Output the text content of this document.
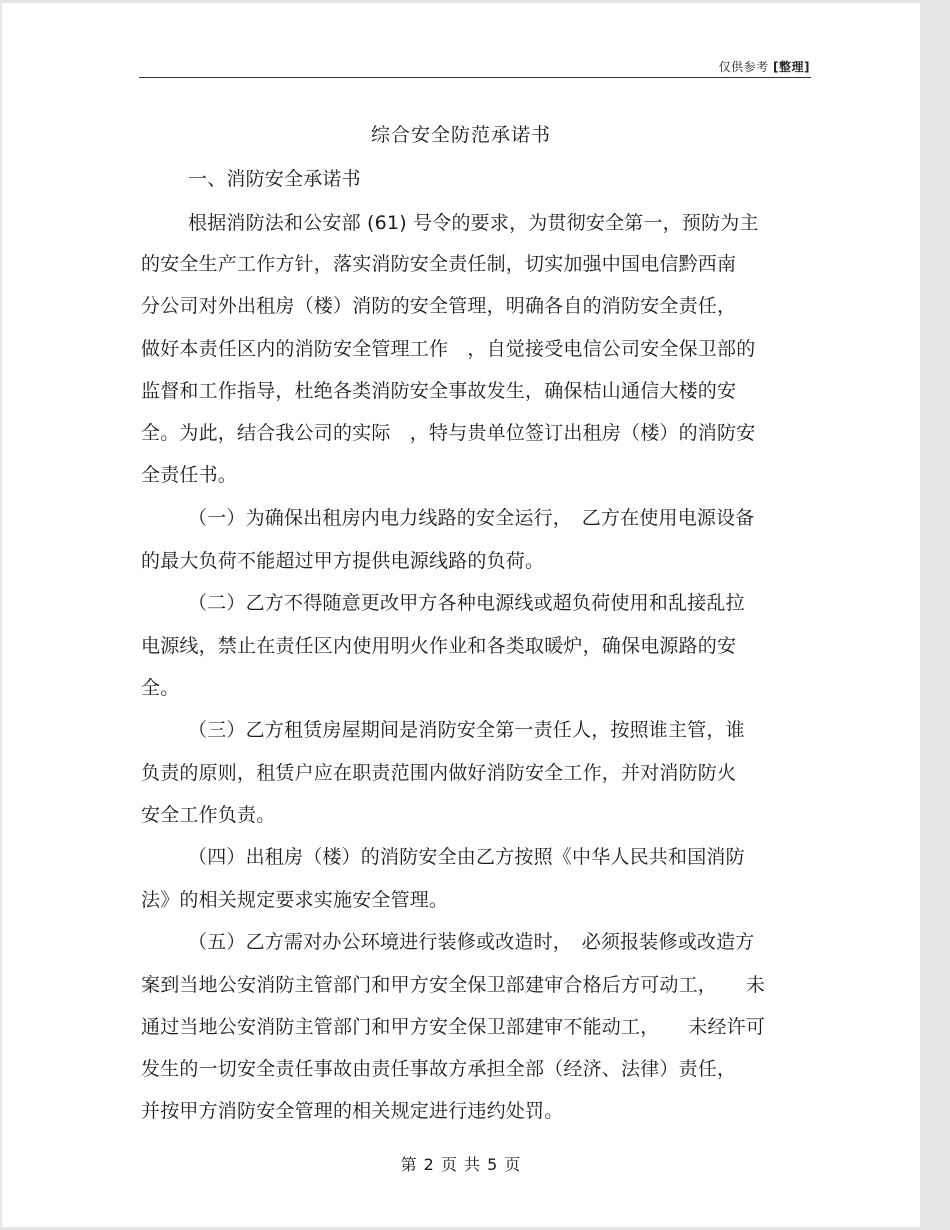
仅供参考 [整理]
综合安全防范承诺书
一、消防安全承诺书
根据消防法和公安部 (61) 号令的要求，为贯彻安全第一，预防为主
的安全生产工作方针，落实消防安全责任制，切实加强中国电信黔西南
分公司对外出租房（楼）消防的安全管理，明确各自的消防安全责任，
做好本责任区内的消防安全管理工作　，自觉接受电信公司安全保卫部的
监督和工作指导，杜绝各类消防安全事故发生，确保桔山通信大楼的安
全。为此，结合我公司的实际　，特与贵单位签订出租房（楼）的消防安
全责任书。
（一）为确保出租房内电力线路的安全运行，　乙方在使用电源设备
的最大负荷不能超过甲方提供电源线路的负荷。
（二）乙方不得随意更改甲方各种电源线或超负荷使用和乱接乱拉
电源线，禁止在责任区内使用明火作业和各类取暖炉，确保电源路的安
全。
（三）乙方租赁房屋期间是消防安全第一责任人，按照谁主管，谁
负责的原则，租赁户应在职责范围内做好消防安全工作，并对消防防火
安全工作负责。
（四）出租房（楼）的消防安全由乙方按照《中华人民共和国消防
法》的相关规定要求实施安全管理。
（五）乙方需对办公环境进行装修或改造时，　必须报装修或改造方
案到当地公安消防主管部门和甲方安全保卫部建审合格后方可动工，　　未
通过当地公安消防主管部门和甲方安全保卫部建审不能动工，　　未经许可
发生的一切安全责任事故由责任事故方承担全部（经济、法律）责任，
并按甲方消防安全管理的相关规定进行违约处罚。
第 2 页 共 5 页
